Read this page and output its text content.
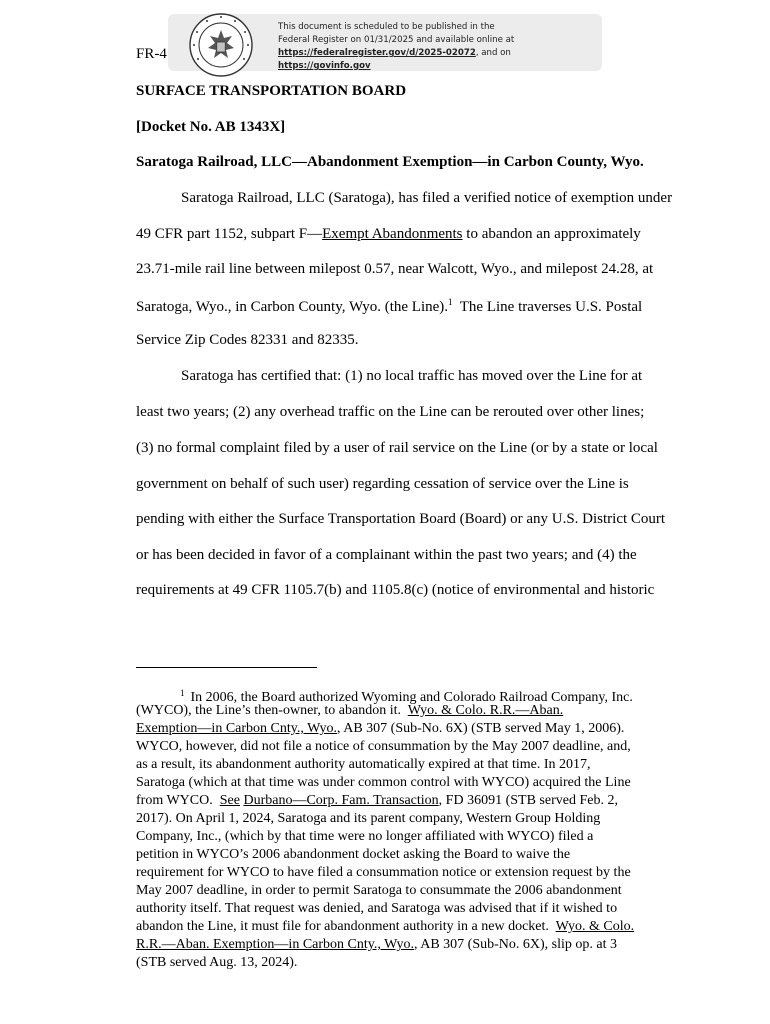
FR-4
This document is scheduled to be published in the
Federal Register on 01/31/2025 and available online at
https://federalregister.gov/d/2025-02072, and on https://govinfo.gov
SURFACE TRANSPORTATION BOARD
[Docket No. AB 1343X]
Saratoga Railroad, LLC—Abandonment Exemption—in Carbon County, Wyo.
Saratoga Railroad, LLC (Saratoga), has filed a verified notice of exemption under
49 CFR part 1152, subpart F—Exempt Abandonments to abandon an approximately
23.71-mile rail line between milepost 0.57, near Walcott, Wyo., and milepost 24.28, at
Saratoga, Wyo., in Carbon County, Wyo. (the Line).$^1$  The Line traverses U.S. Postal
Service Zip Codes 82331 and 82335.
Saratoga has certified that: (1) no local traffic has moved over the Line for at
least two years; (2) any overhead traffic on the Line can be rerouted over other lines;
(3) no formal complaint filed by a user of rail service on the Line (or by a state or local
government on behalf of such user) regarding cessation of service over the Line is
pending with either the Surface Transportation Board (Board) or any U.S. District Court
or has been decided in favor of a complainant within the past two years; and (4) the
requirements at 49 CFR 1105.7(b) and 1105.8(c) (notice of environmental and historic
$^1$ In 2006, the Board authorized Wyoming and Colorado Railroad Company, Inc.
(WYCO), the Line’s then-owner, to abandon it.  Wyo. & Colo. R.R.—Aban.
Exemption—in Carbon Cnty., Wyo., AB 307 (Sub-No. 6X) (STB served May 1, 2006).
WYCO, however, did not file a notice of consummation by the May 2007 deadline, and,
as a result, its abandonment authority automatically expired at that time. In 2017,
Saratoga (which at that time was under common control with WYCO) acquired the Line
from WYCO.  See Durbano—Corp. Fam. Transaction, FD 36091 (STB served Feb. 2,
2017). On April 1, 2024, Saratoga and its parent company, Western Group Holding
Company, Inc., (which by that time were no longer affiliated with WYCO) filed a
petition in WYCO’s 2006 abandonment docket asking the Board to waive the
requirement for WYCO to have filed a consummation notice or extension request by the
May 2007 deadline, in order to permit Saratoga to consummate the 2006 abandonment
authority itself. That request was denied, and Saratoga was advised that if it wished to
abandon the Line, it must file for abandonment authority in a new docket.  Wyo. & Colo.
R.R.—Aban. Exemption—in Carbon Cnty., Wyo., AB 307 (Sub-No. 6X), slip op. at 3
(STB served Aug. 13, 2024).
